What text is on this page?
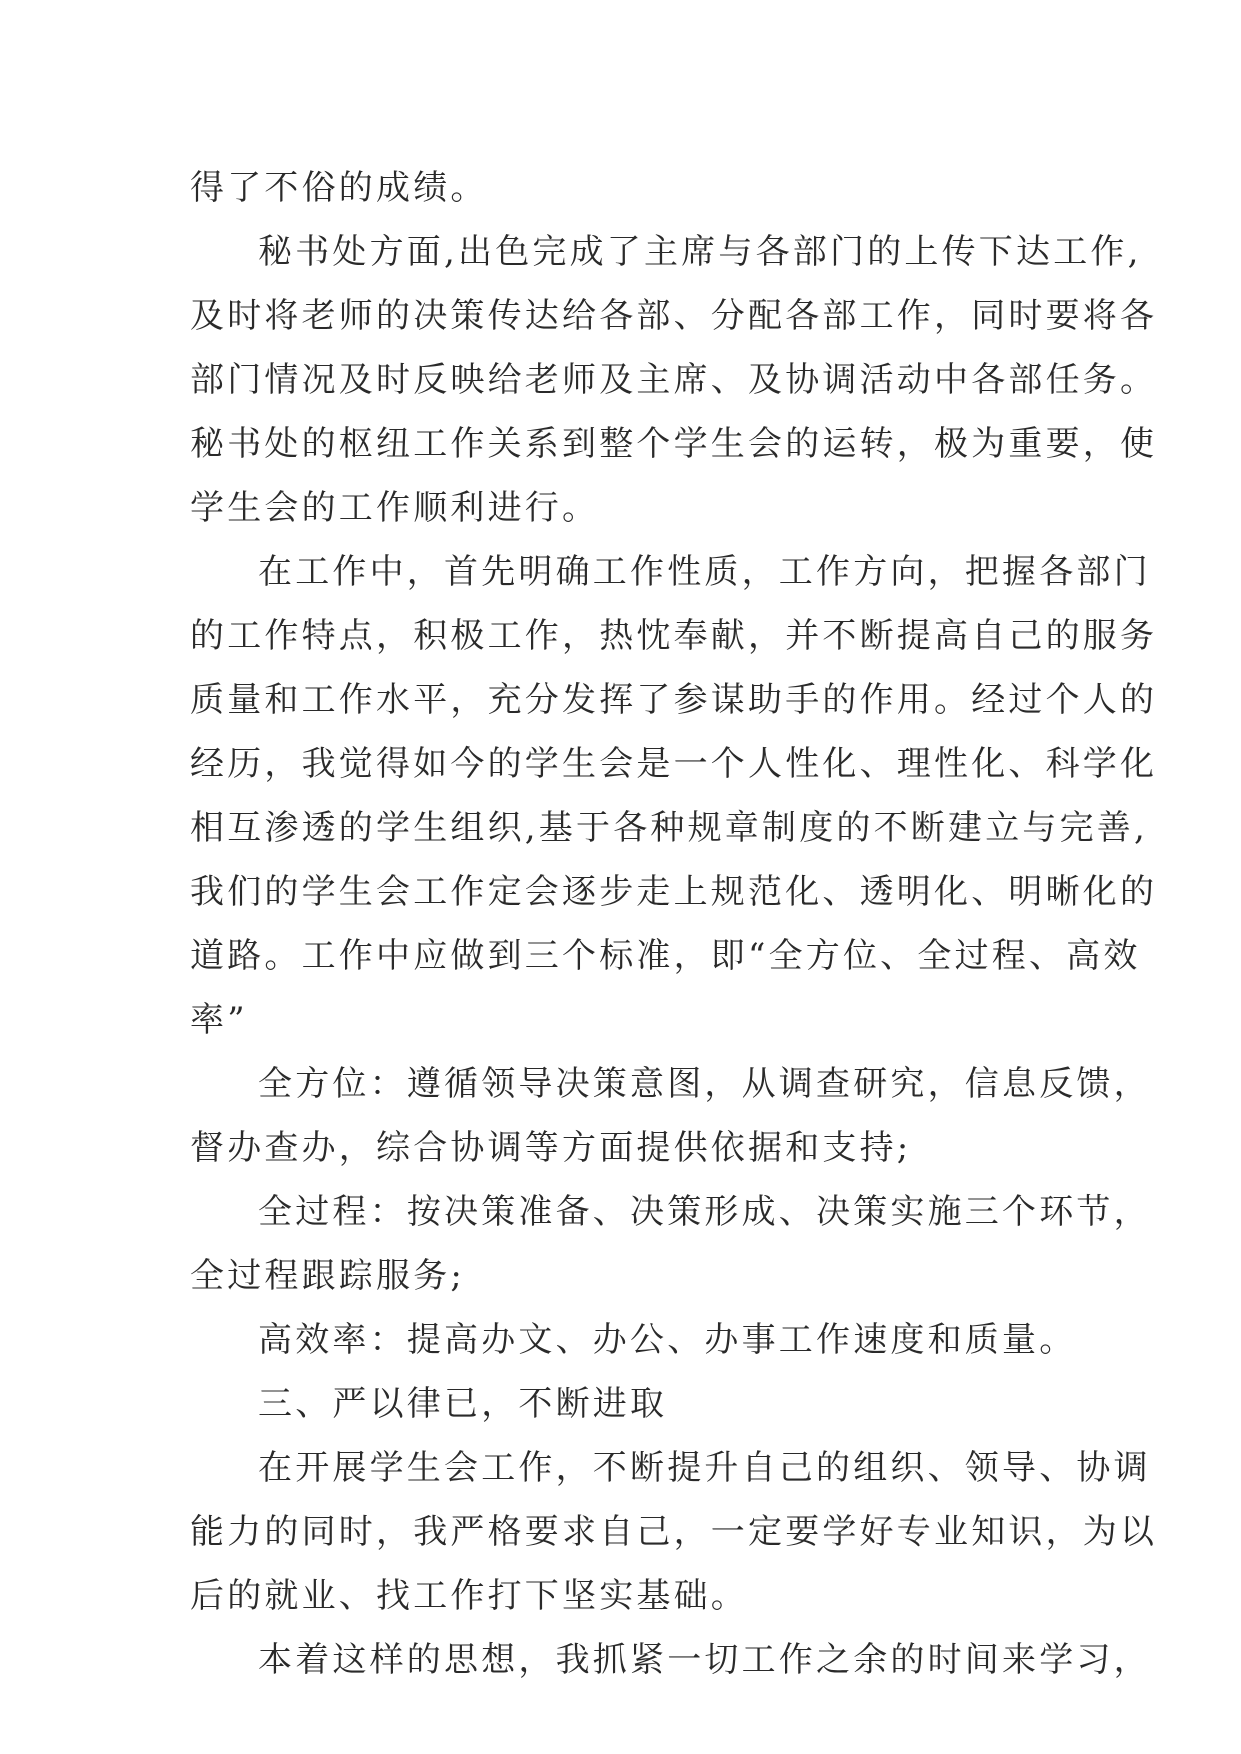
得了不俗的成绩。

秘书处方面,出色完成了主席与各部门的上传下达工作,

及时将老师的决策传达给各部、分配各部工作，同时要将各

部门情况及时反映给老师及主席、及协调活动中各部任务。

秘书处的枢纽工作关系到整个学生会的运转，极为重要，使

学生会的工作顺利进行。

在工作中，首先明确工作性质，工作方向，把握各部门

的工作特点，积极工作，热忱奉献，并不断提高自己的服务

质量和工作水平，充分发挥了参谋助手的作用。经过个人的

经历，我觉得如今的学生会是一个人性化、理性化、科学化

相互渗透的学生组织,基于各种规章制度的不断建立与完善,

我们的学生会工作定会逐步走上规范化、透明化、明晰化的

道路。工作中应做到三个标准，即“全方位、全过程、高效

率”

全方位：遵循领导决策意图，从调查研究，信息反馈，

督办查办，综合协调等方面提供依据和支持;

全过程：按决策准备、决策形成、决策实施三个环节，

全过程跟踪服务;

高效率：提高办文、办公、办事工作速度和质量。

三、严以律已，不断进取

在开展学生会工作，不断提升自己的组织、领导、协调

能力的同时，我严格要求自己，一定要学好专业知识，为以

后的就业、找工作打下坚实基础。

本着这样的思想，我抓紧一切工作之余的时间来学习，
